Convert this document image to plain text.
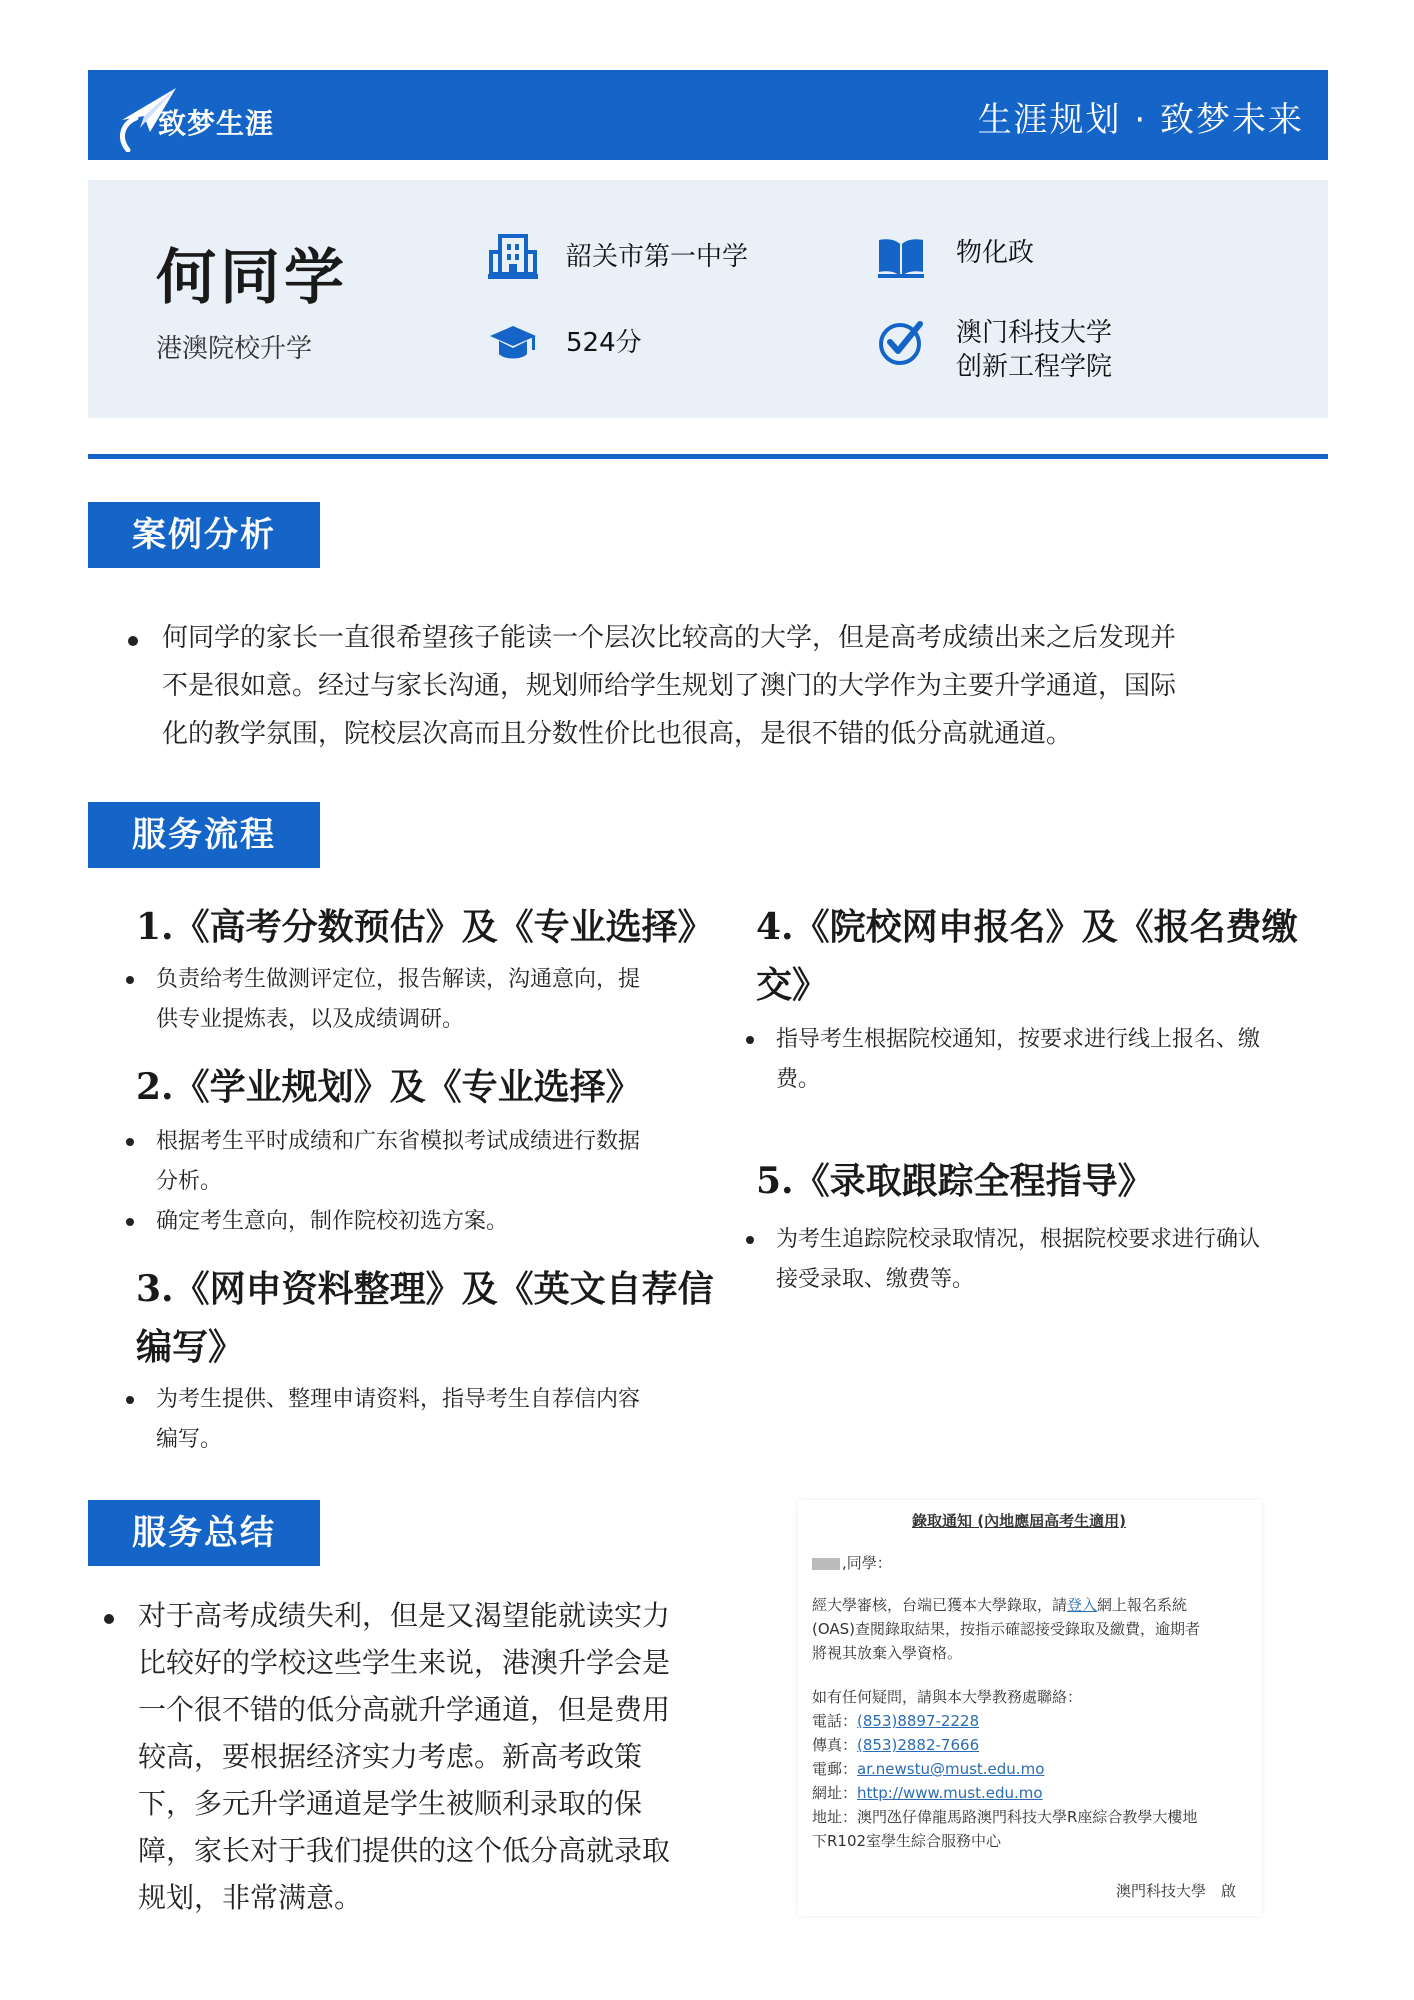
致梦生涯	生涯规划 · 致梦未来
何同学
港澳院校升学
韶关市第一中学
524分
物化政
澳门科技大学
创新工程学院
案例分析
何同学的家长一直很希望孩子能读一个层次比较高的大学，但是高考成绩出来之后发现并
不是很如意。经过与家长沟通，规划师给学生规划了澳门的大学作为主要升学通道，国际
化的教学氛围，院校层次高而且分数性价比也很高，是很不错的低分高就通道。
服务流程
1.《高考分数预估》及《专业选择》
负责给考生做测评定位，报告解读，沟通意向，提
供专业提炼表，以及成绩调研。
2.《学业规划》及《专业选择》
根据考生平时成绩和广东省模拟考试成绩进行数据
分析。
确定考生意向，制作院校初选方案。
3.《网申资料整理》及《英文自荐信
编写》
为考生提供、整理申请资料，指导考生自荐信内容
编写。
4.《院校网申报名》及《报名费缴
交》
指导考生根据院校通知，按要求进行线上报名、缴
费。
5.《录取跟踪全程指导》
为考生追踪院校录取情况，根据院校要求进行确认
接受录取、缴费等。
服务总结
对于高考成绩失利，但是又渴望能就读实力
比较好的学校这些学生来说，港澳升学会是
一个很不错的低分高就升学通道，但是费用
较高，要根据经济实力考虑。新高考政策
下，多元升学通道是学生被顺利录取的保
障，家长对于我们提供的这个低分高就录取
规划，非常满意。
錄取通知 (內地應屆高考生適用)
,同學：
經大學審核，台端已獲本大學錄取，請登入網上報名系統
(OAS)查閱錄取結果，按指示確認接受錄取及繳費，逾期者
將視其放棄入學資格。
如有任何疑問，請與本大學教務處聯絡：
電話：(853)8897-2228
傳真：(853)2882-7666
電郵：ar.newstu@must.edu.mo
網址：http://www.must.edu.mo
地址：澳門氹仔偉龍馬路澳門科技大學R座綜合教學大樓地
下R102室學生綜合服務中心
澳門科技大學　啟
